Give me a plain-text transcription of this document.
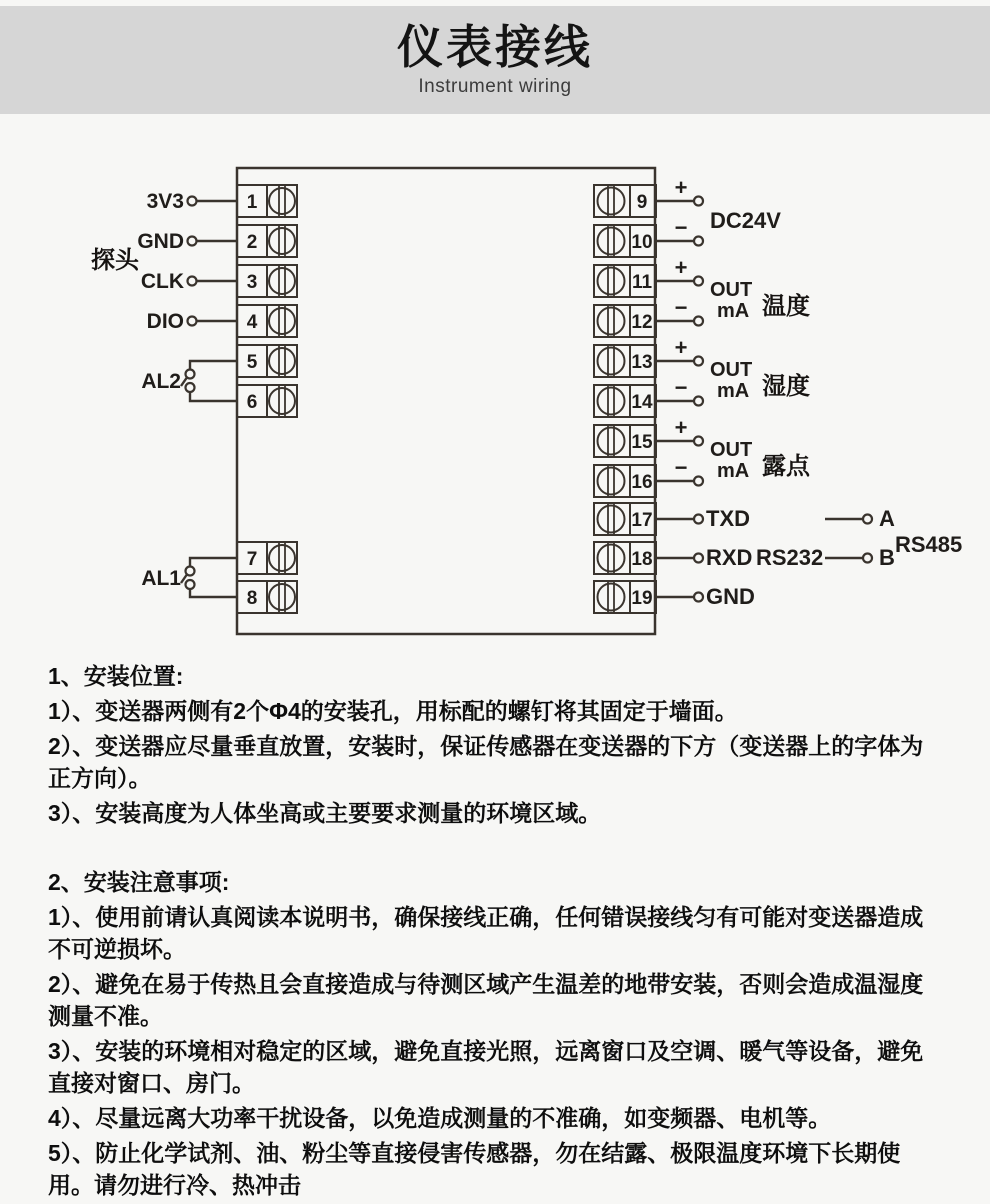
仪表接线
Instrument wiring
1
2
3
4
5
6
7
8
9
10
11
12
13
14
15
16
17
18
19
3V3
GND
CLK
DIO
探头
AL2
AL1
+
−
+
−
+
−
+
−
DC24V
OUT
mA 温度
OUT
mA 湿度
OUT
mA 露点
TXD
RXD RS232
GND
A
B
RS485

1、安装位置:

1）、变送器两侧有2个Φ4的安装孔，用标配的螺钉将其固定于墙面。

2）、变送器应尽量垂直放置，安装时，保证传感器在变送器的下方（变送器上的字体为正方向）。

3）、安装高度为人体坐高或主要要求测量的环境区域。

2、安装注意事项:

1）、使用前请认真阅读本说明书，确保接线正确，任何错误接线匀有可能对变送器造成不可逆损坏。

2）、避免在易于传热且会直接造成与待测区域产生温差的地带安装，否则会造成温湿度测量不准。

3）、安装的环境相对稳定的区域，避免直接光照，远离窗口及空调、暖气等设备，避免直接对窗口、房门。

4）、尽量远离大功率干扰设备，以免造成测量的不准确，如变频器、电机等。

5）、防止化学试剂、油、粉尘等直接侵害传感器，勿在结露、极限温度环境下长期使用。请勿进行冷、热冲击
